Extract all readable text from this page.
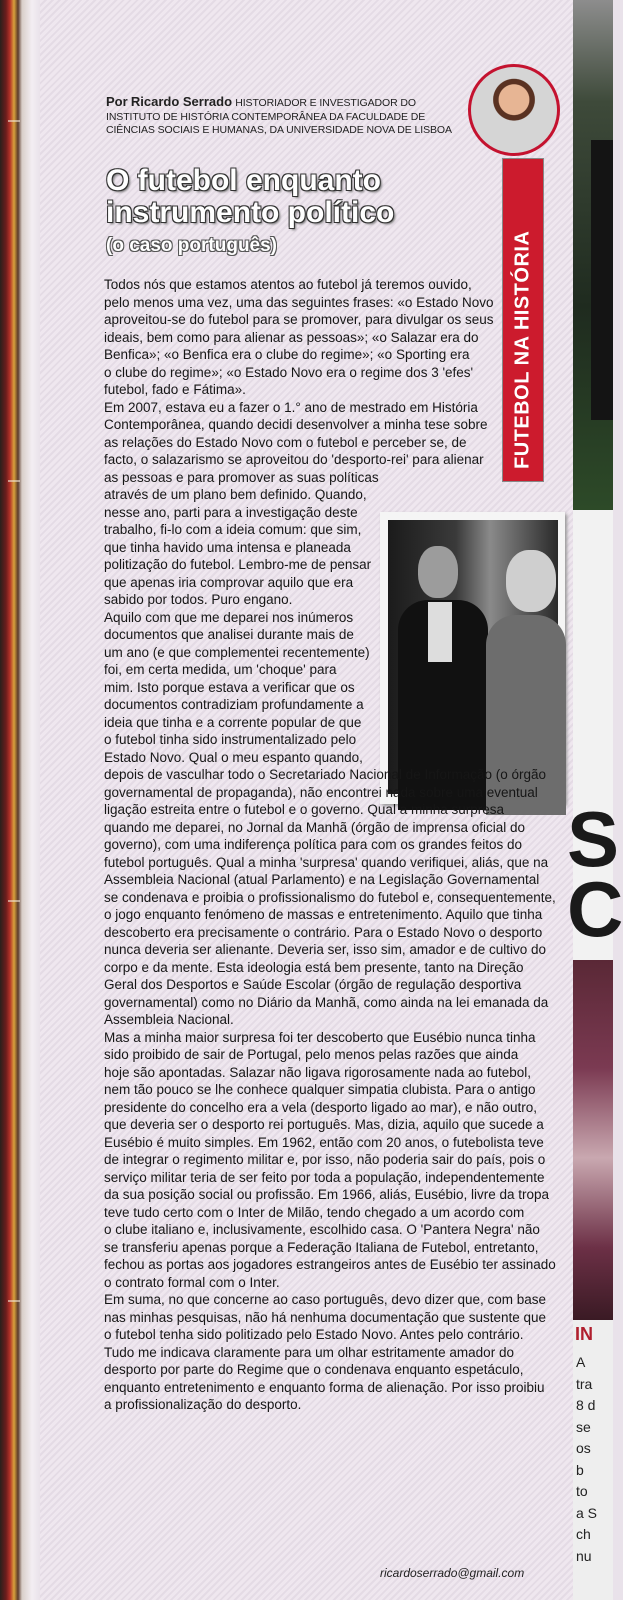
S
C
IN
A
tra
8 d
se
os
b
to
a S
ch
nu
Por Ricardo Serrado HISTORIADOR E INVESTIGADOR DO
INSTITUTO DE HISTÓRIA CONTEMPORÂNEA DA FACULDADE DE
CIÊNCIAS SOCIAIS E HUMANAS, DA UNIVERSIDADE NOVA DE LISBOA
O futebol enquanto
instrumento político
(o caso português)	FUTEBOL NA HISTÓRIA

Todos nós que estamos atentos ao futebol já teremos ouvido,

pelo menos uma vez, uma das seguintes frases: «o Estado Novo

aproveitou-se do futebol para se promover, para divulgar os seus

ideais, bem como para alienar as pessoas»; «o Salazar era do

Benfica»; «o Benfica era o clube do regime»; «o Sporting era

o clube do regime»; «o Estado Novo era o regime dos 3 'efes'

futebol, fado e Fátima».

Em 2007, estava eu a fazer o 1.° ano de mestrado em História

Contemporânea, quando decidi desenvolver a minha tese sobre

as relações do Estado Novo com o futebol e perceber se, de

facto, o salazarismo se aproveitou do 'desporto-rei' para alienar

as pessoas e para promover as suas políticas

através de um plano bem definido. Quando,

nesse ano, parti para a investigação deste

trabalho, fi-lo com a ideia comum: que sim,

que tinha havido uma intensa e planeada

politização do futebol. Lembro-me de pensar

que apenas iria comprovar aquilo que era

sabido por todos. Puro engano.

Aquilo com que me deparei nos inúmeros

documentos que analisei durante mais de

um ano (e que complementei recentemente)

foi, em certa medida, um 'choque' para

mim. Isto porque estava a verificar que os

documentos contradiziam profundamente a

ideia que tinha e a corrente popular de que

o futebol tinha sido instrumentalizado pelo

Estado Novo. Qual o meu espanto quando,

depois de vasculhar todo o Secretariado Nacional de Informação (o órgão

governamental de propaganda), não encontrei nada sobre uma eventual

ligação estreita entre o futebol e o governo. Qual a minha surpresa

quando me deparei, no Jornal da Manhã (órgão de imprensa oficial do

governo), com uma indiferença política para com os grandes feitos do

futebol português. Qual a minha 'surpresa' quando verifiquei, aliás, que na

Assembleia Nacional (atual Parlamento) e na Legislação Governamental

se condenava e proibia o profissionalismo do futebol e, consequentemente,

o jogo enquanto fenómeno de massas e entretenimento. Aquilo que tinha

descoberto era precisamente o contrário. Para o Estado Novo o desporto

nunca deveria ser alienante. Deveria ser, isso sim, amador e de cultivo do

corpo e da mente. Esta ideologia está bem presente, tanto na Direção

Geral dos Desportos e Saúde Escolar (órgão de regulação desportiva

governamental) como no Diário da Manhã, como ainda na lei emanada da

Assembleia Nacional.

Mas a minha maior surpresa foi ter descoberto que Eusébio nunca tinha

sido proibido de sair de Portugal, pelo menos pelas razões que ainda

hoje são apontadas. Salazar não ligava rigorosamente nada ao futebol,

nem tão pouco se lhe conhece qualquer simpatia clubista. Para o antigo

presidente do concelho era a vela (desporto ligado ao mar), e não outro,

que deveria ser o desporto rei português. Mas, dizia, aquilo que sucede a

Eusébio é muito simples. Em 1962, então com 20 anos, o futebolista teve

de integrar o regimento militar e, por isso, não poderia sair do país, pois o

serviço militar teria de ser feito por toda a população, independentemente

da sua posição social ou profissão. Em 1966, aliás, Eusébio, livre da tropa

teve tudo certo com o Inter de Milão, tendo chegado a um acordo com

o clube italiano e, inclusivamente, escolhido casa. O 'Pantera Negra' não

se transferiu apenas porque a Federação Italiana de Futebol, entretanto,

fechou as portas aos jogadores estrangeiros antes de Eusébio ter assinado

o contrato formal com o Inter.

Em suma, no que concerne ao caso português, devo dizer que, com base

nas minhas pesquisas, não há nenhuma documentação que sustente que

o futebol tenha sido politizado pelo Estado Novo. Antes pelo contrário.

Tudo me indicava claramente para um olhar estritamente amador do

desporto por parte do Regime que o condenava enquanto espetáculo,

enquanto entretenimento e enquanto forma de alienação. Por isso proibiu

a profissionalização do desporto.

ricardoserrado@gmail.com
